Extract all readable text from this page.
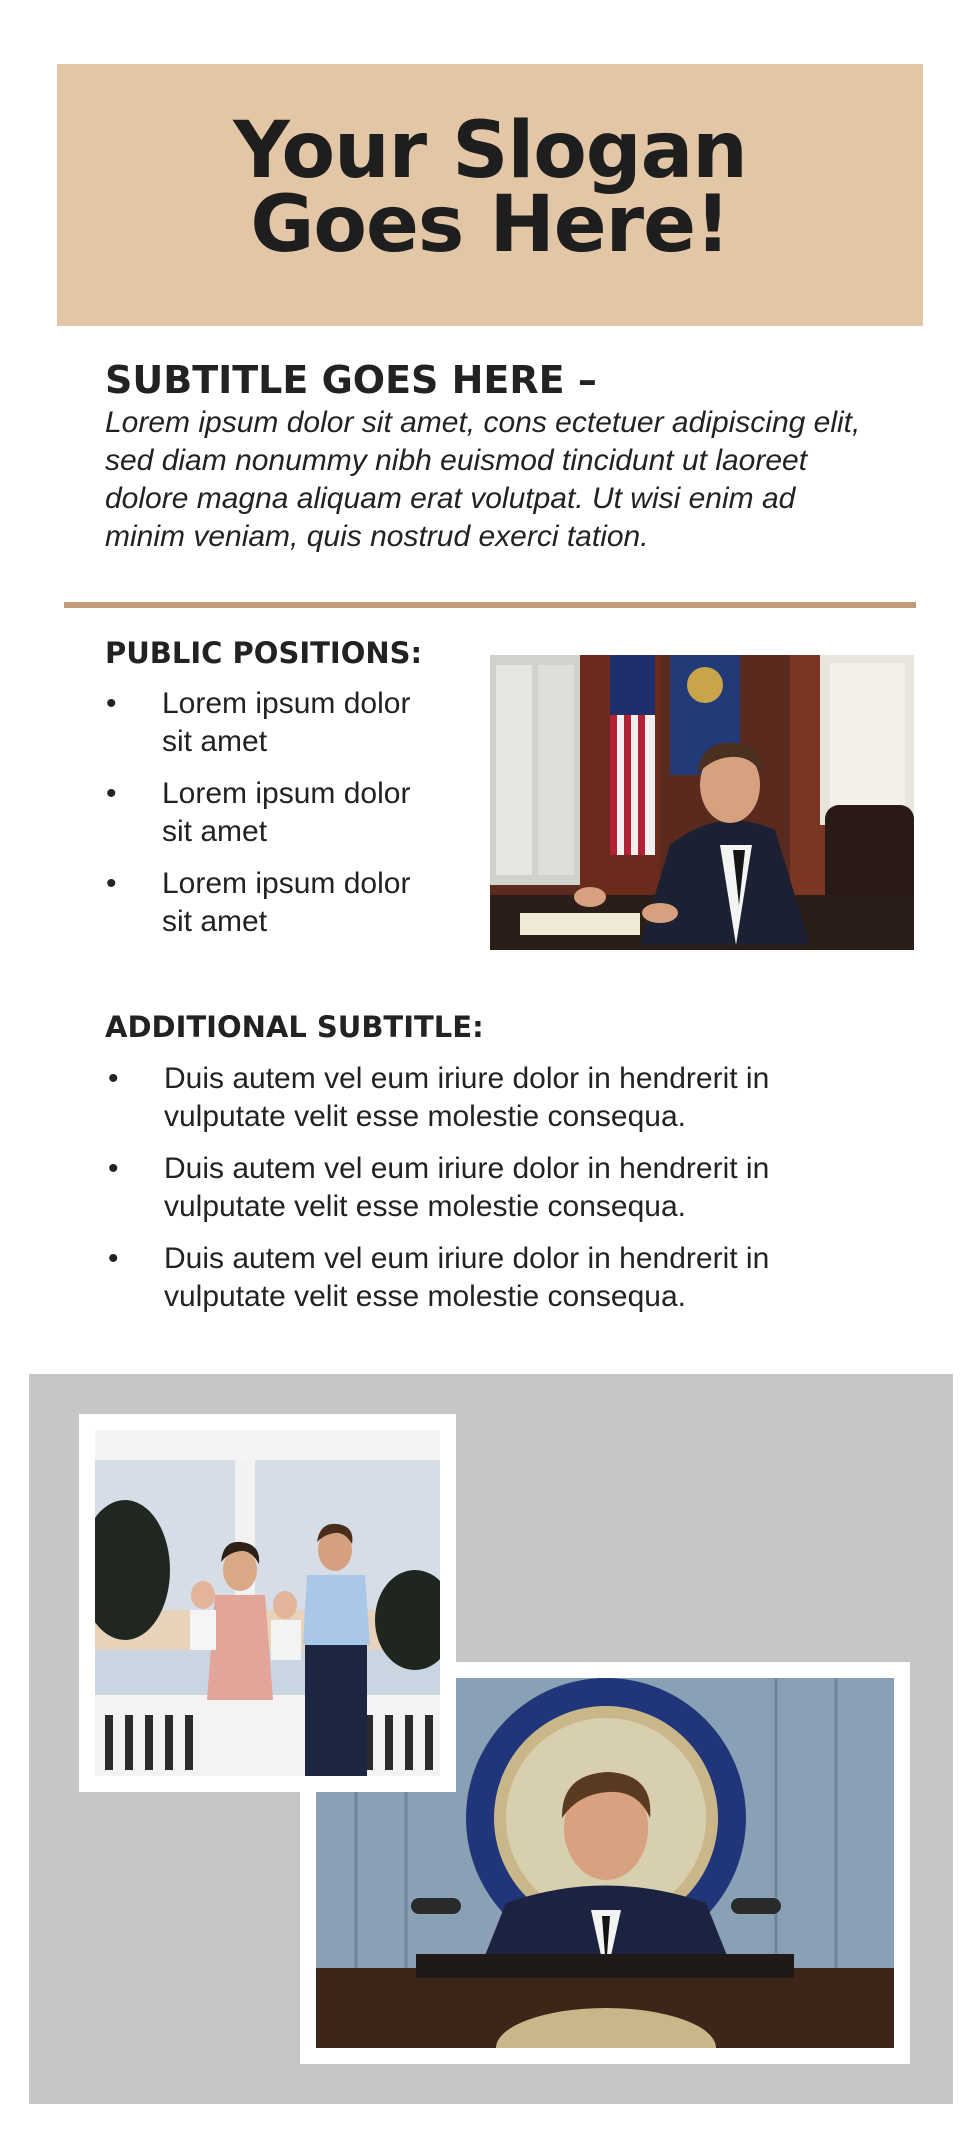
Your Slogan
Goes Here!
SUBTITLE GOES HERE –
Lorem ipsum dolor sit amet, cons ectetuer adipiscing elit,
sed diam nonummy nibh euismod tincidunt ut laoreet
dolore magna aliquam erat volutpat. Ut wisi enim ad
minim veniam, quis nostrud exerci tation.
PUBLIC POSITIONS:
• Lorem ipsum dolor
sit amet
• Lorem ipsum dolor
sit amet
• Lorem ipsum dolor
sit amet
ADDITIONAL SUBTITLE:
• Duis autem vel eum iriure dolor in hendrerit in
vulputate velit esse molestie consequa.
• Duis autem vel eum iriure dolor in hendrerit in
vulputate velit esse molestie consequa.
• Duis autem vel eum iriure dolor in hendrerit in
vulputate velit esse molestie consequa.
